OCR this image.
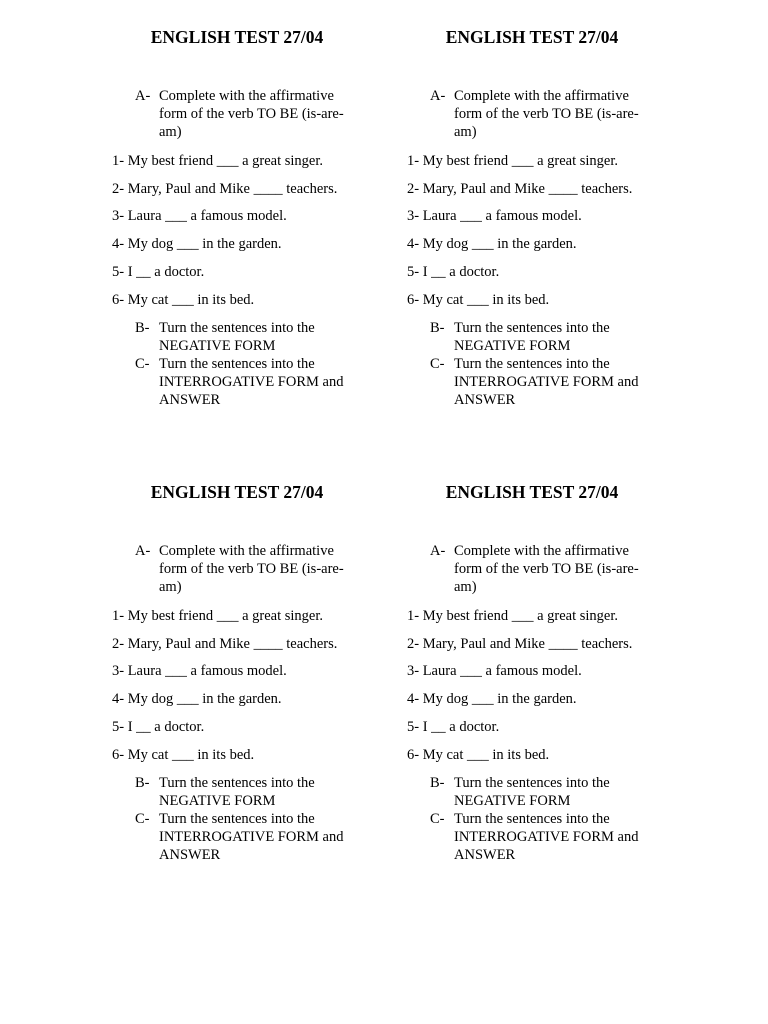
ENGLISH TEST 27/04
A- Complete with the affirmative form of the verb TO BE (is-are-am)
1- My best friend ___ a great singer.
2- Mary, Paul and Mike ____ teachers.
3- Laura ___ a famous model.
4- My dog ___ in the garden.
5- I __ a doctor.
6- My cat ___ in its bed.
B- Turn the sentences into the NEGATIVE FORM
C- Turn the sentences into the INTERROGATIVE FORM and ANSWER
ENGLISH TEST 27/04
A- Complete with the affirmative form of the verb TO BE (is-are-am)
1- My best friend ___ a great singer.
2- Mary, Paul and Mike ____ teachers.
3- Laura ___ a famous model.
4- My dog ___ in the garden.
5- I __ a doctor.
6- My cat ___ in its bed.
B- Turn the sentences into the NEGATIVE FORM
C- Turn the sentences into the INTERROGATIVE FORM and ANSWER
ENGLISH TEST 27/04
A- Complete with the affirmative form of the verb TO BE (is-are-am)
1- My best friend ___ a great singer.
2- Mary, Paul and Mike ____ teachers.
3- Laura ___ a famous model.
4- My dog ___ in the garden.
5- I __ a doctor.
6- My cat ___ in its bed.
B- Turn the sentences into the NEGATIVE FORM
C- Turn the sentences into the INTERROGATIVE FORM and ANSWER
ENGLISH TEST 27/04
A- Complete with the affirmative form of the verb TO BE (is-are-am)
1- My best friend ___ a great singer.
2- Mary, Paul and Mike ____ teachers.
3- Laura ___ a famous model.
4- My dog ___ in the garden.
5- I __ a doctor.
6- My cat ___ in its bed.
B- Turn the sentences into the NEGATIVE FORM
C- Turn the sentences into the INTERROGATIVE FORM and ANSWER
